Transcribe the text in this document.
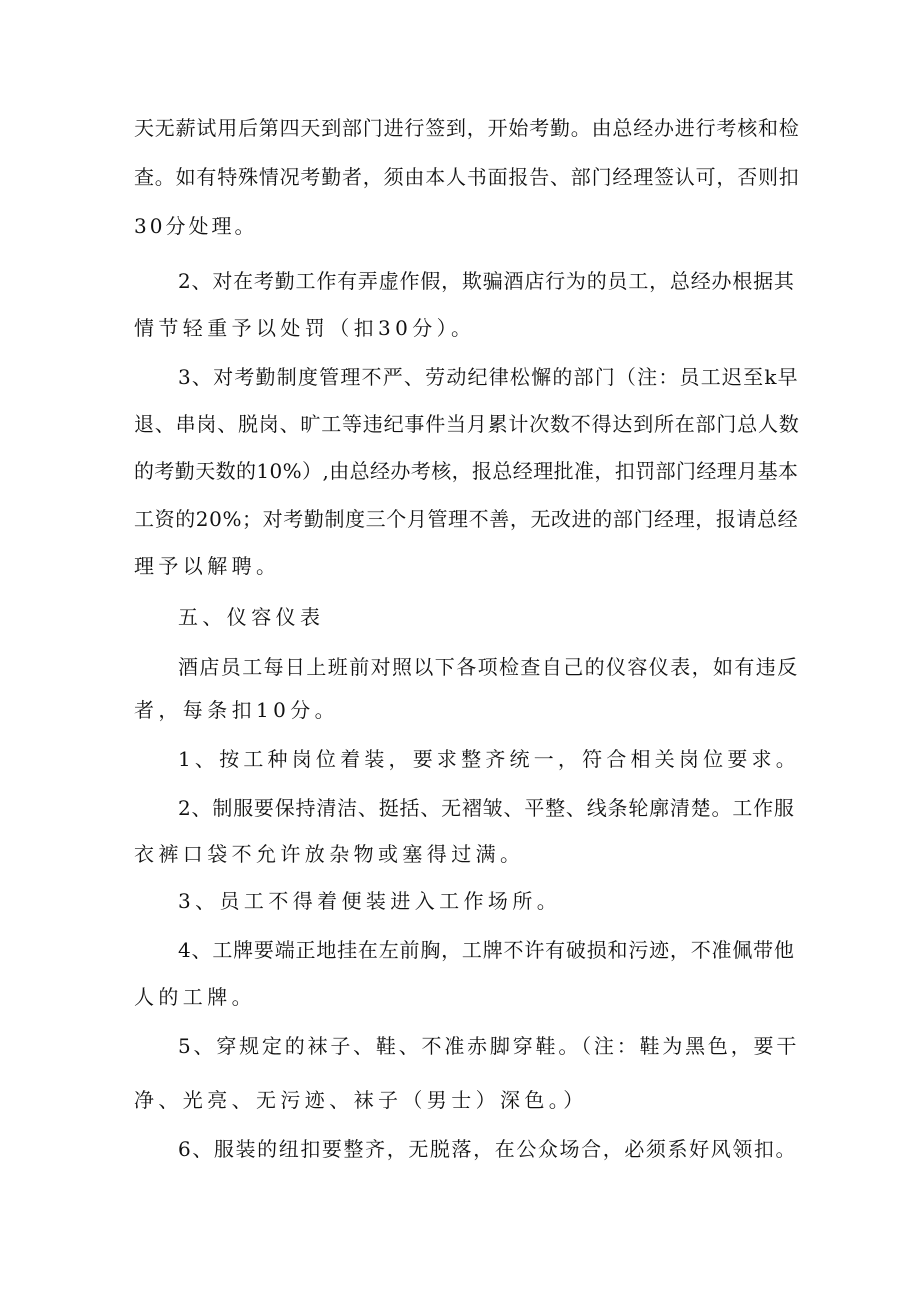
天无薪试用后第四天到部门进行签到，开始考勤。由总经办进行考核和检

查。如有特殊情况考勤者，须由本人书面报告、部门经理签认可，否则扣

30分处理。

2、对在考勤工作有弄虚作假，欺骗酒店行为的员工，总经办根据其

情节轻重予以处罚（扣30分）。

3、对考勤制度管理不严、劳动纪律松懈的部门（注：员工迟至k早

退、串岗、脱岗、旷工等违纪事件当月累计次数不得达到所在部门总人数

的考勤天数的10%）,由总经办考核，报总经理批准，扣罚部门经理月基本

工资的20%；对考勤制度三个月管理不善，无改进的部门经理，报请总经

理予以解聘。

五、仪容仪表

酒店员工每日上班前对照以下各项检查自己的仪容仪表，如有违反

者，每条扣10分。

1、按工种岗位着装，要求整齐统一，符合相关岗位要求。

2、制服要保持清洁、挺括、无褶皱、平整、线条轮廓清楚。工作服

衣裤口袋不允许放杂物或塞得过满。

3、员工不得着便装进入工作场所。

4、工牌要端正地挂在左前胸，工牌不许有破损和污迹，不准佩带他

人的工牌。

5、穿规定的袜子、鞋、不准赤脚穿鞋。（注：鞋为黑色，要干

净、光亮、无污迹、袜子（男士）深色。）

6、服装的纽扣要整齐，无脱落，在公众场合，必须系好风领扣。
